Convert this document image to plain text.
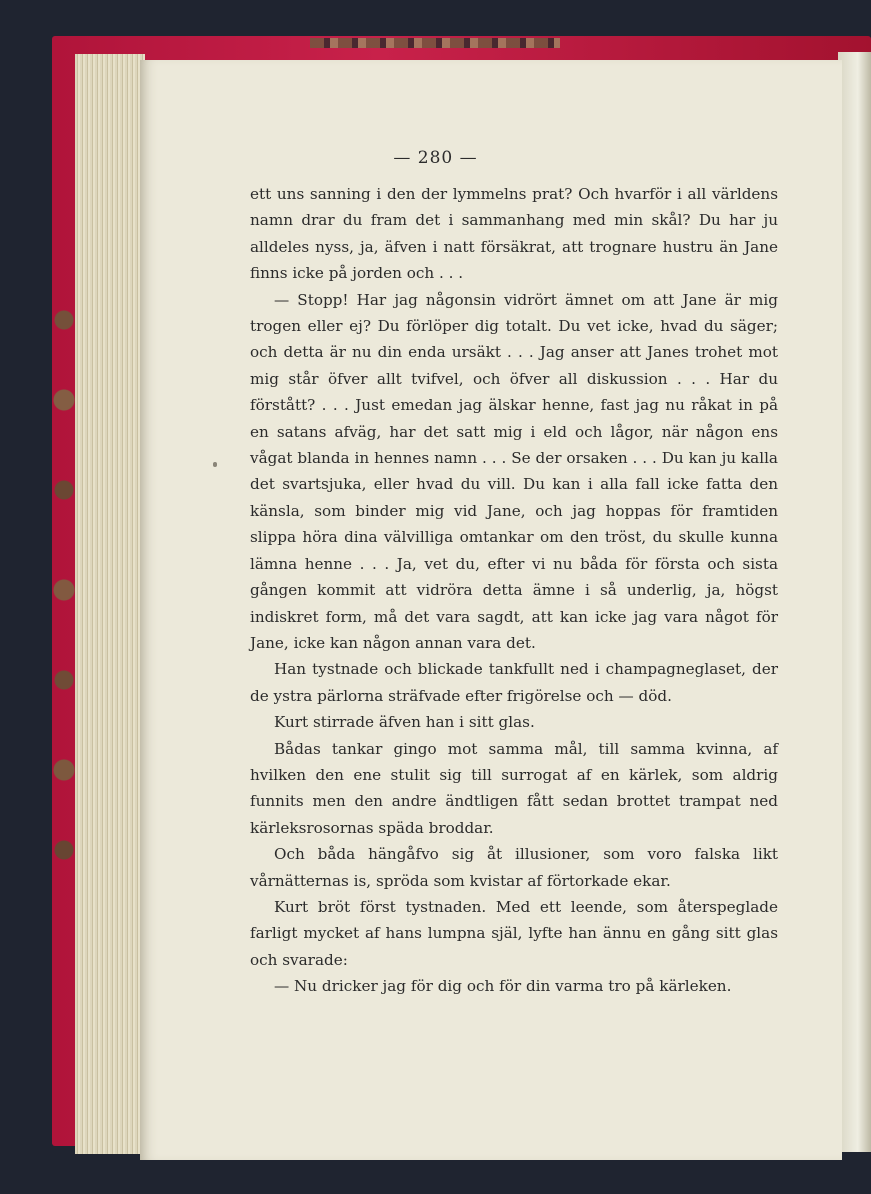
— 280 —

ett uns sanning i den der lymmelns prat? Och hvarför i all världens namn drar du fram det i sammanhang med min skål? Du har ju alldeles nyss, ja, äfven i natt försäkrat, att trognare hustru än Jane finns icke på jorden och . . .

— Stopp! Har jag någonsin vidrört ämnet om att Jane är mig trogen eller ej? Du förlöper dig totalt. Du vet icke, hvad du säger; och detta är nu din enda ursäkt . . . Jag anser att Janes trohet mot mig står öfver allt tvifvel, och öfver all diskussion . . . Har du förstått? . . . Just emedan jag älskar henne, fast jag nu råkat in på en satans afväg, har det satt mig i eld och lågor, när någon ens vågat blanda in hennes namn . . . Se der orsaken . . . Du kan ju kalla det svartsjuka, eller hvad du vill. Du kan i alla fall icke fatta den känsla, som binder mig vid Jane, och jag hoppas för framtiden slippa höra dina välvilliga omtankar om den tröst, du skulle kunna lämna henne . . . Ja, vet du, efter vi nu båda för första och sista gången kommit att vidröra detta ämne i så underlig, ja, högst indiskret form, må det vara sagdt, att kan icke jag vara något för Jane, icke kan någon annan vara det.

Han tystnade och blickade tankfullt ned i champagneglaset, der de ystra pärlorna sträfvade efter frigörelse och — död.

Kurt stirrade äfven han i sitt glas.

Bådas tankar gingo mot samma mål, till samma kvinna, af hvilken den ene stulit sig till surrogat af en kärlek, som aldrig funnits men den andre ändtligen fått sedan brottet trampat ned kärleksrosornas späda broddar.

Och båda hängåfvo sig åt illusioner, som voro falska likt vårnätternas is, spröda som kvistar af förtorkade ekar.

Kurt bröt först tystnaden. Med ett leende, som återspeglade farligt mycket af hans lumpna själ, lyfte han ännu en gång sitt glas och svarade:

— Nu dricker jag för dig och för din varma tro på kärleken.
